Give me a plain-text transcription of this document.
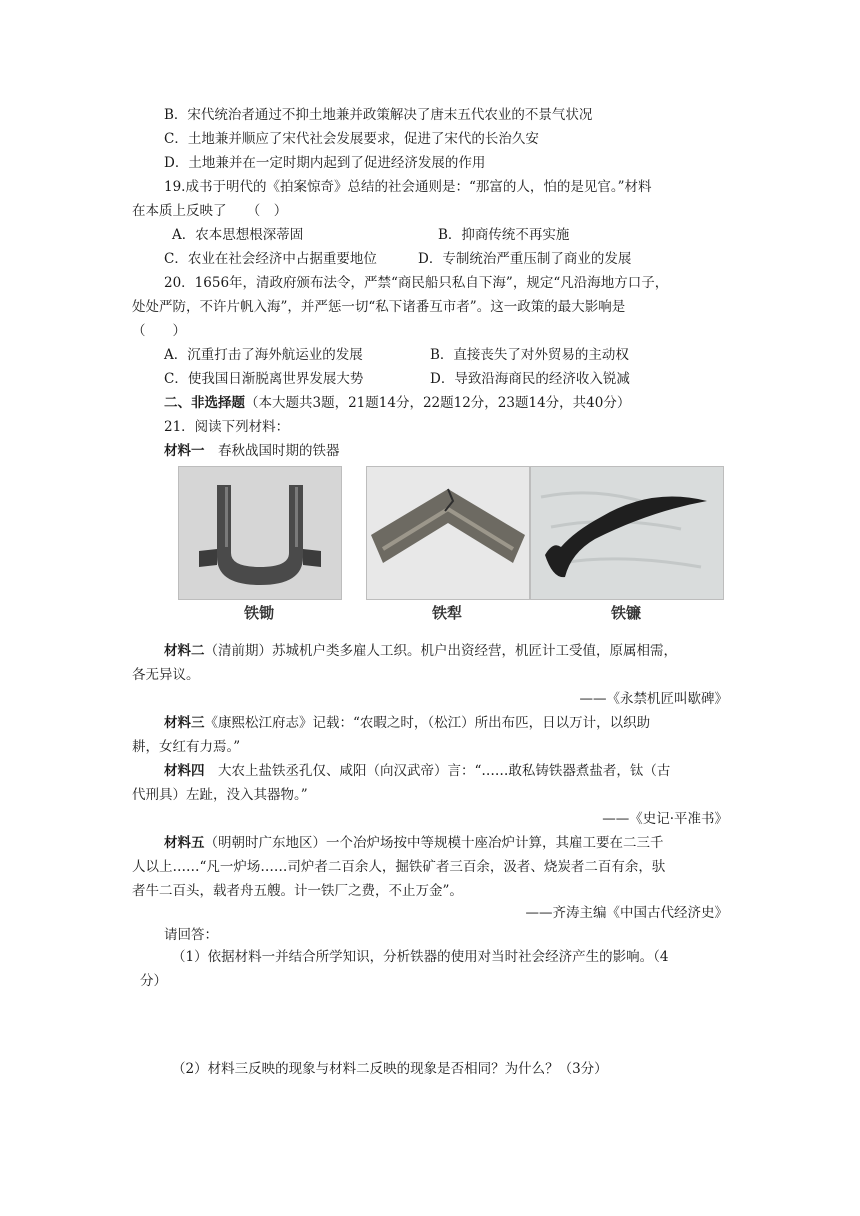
B．宋代统治者通过不抑土地兼并政策解决了唐末五代农业的不景气状况
C．土地兼并顺应了宋代社会发展要求，促进了宋代的长治久安
D．土地兼并在一定时期内起到了促进经济发展的作用
19.成书于明代的《拍案惊奇》总结的社会通则是：“那富的人，怕的是见官。”材料
在本质上反映了　　（　）
A．农本思想根深蒂固	B．抑商传统不再实施
C．农业在社会经济中占据重要地位	D．专制统治严重压制了商业的发展
20．1656年，清政府颁布法令，严禁“商民船只私自下海”，规定“凡沿海地方口子，
处处严防，不许片帆入海”，并严惩一切“私下诸番互市者”。这一政策的最大影响是
（　　）
A．沉重打击了海外航运业的发展	B．直接丧失了对外贸易的主动权
C．使我国日渐脱离世界发展大势	D．导致沿海商民的经济收入锐减
二、非选择题（本大题共3题，21题14分，22题12分，23题14分，共40分）
21．阅读下列材料：
材料一　 春秋战国时期的铁器
铁锄	铁犁	铁镰
材料二（清前期）苏城机户类多雇人工织。机户出资经营，机匠计工受值，原属相需，
各无异议。
——《永禁机匠叫歇碑》
材料三《康熙松江府志》记载：“农暇之时，（松江）所出布匹，日以万计，以织助
耕，女红有力焉。”
材料四　 大农上盐铁丞孔仅、咸阳（向汉武帝）言：“……敢私铸铁器煮盐者，钛（古
代刑具）左趾，没入其器物。”
——《史记·平准书》
材料五（明朝时广东地区）一个冶炉场按中等规模十座冶炉计算，其雇工要在二三千
人以上……“凡一炉场……司炉者二百余人，掘铁矿者三百余，汲者、烧炭者二百有余，驮
者牛二百头，载者舟五艘。计一铁厂之费，不止万金”。
——齐涛主编《中国古代经济史》
请回答：
（1）依据材料一并结合所学知识，分析铁器的使用对当时社会经济产生的影响。（4
分）
（2）材料三反映的现象与材料二反映的现象是否相同？为什么？（3分）
